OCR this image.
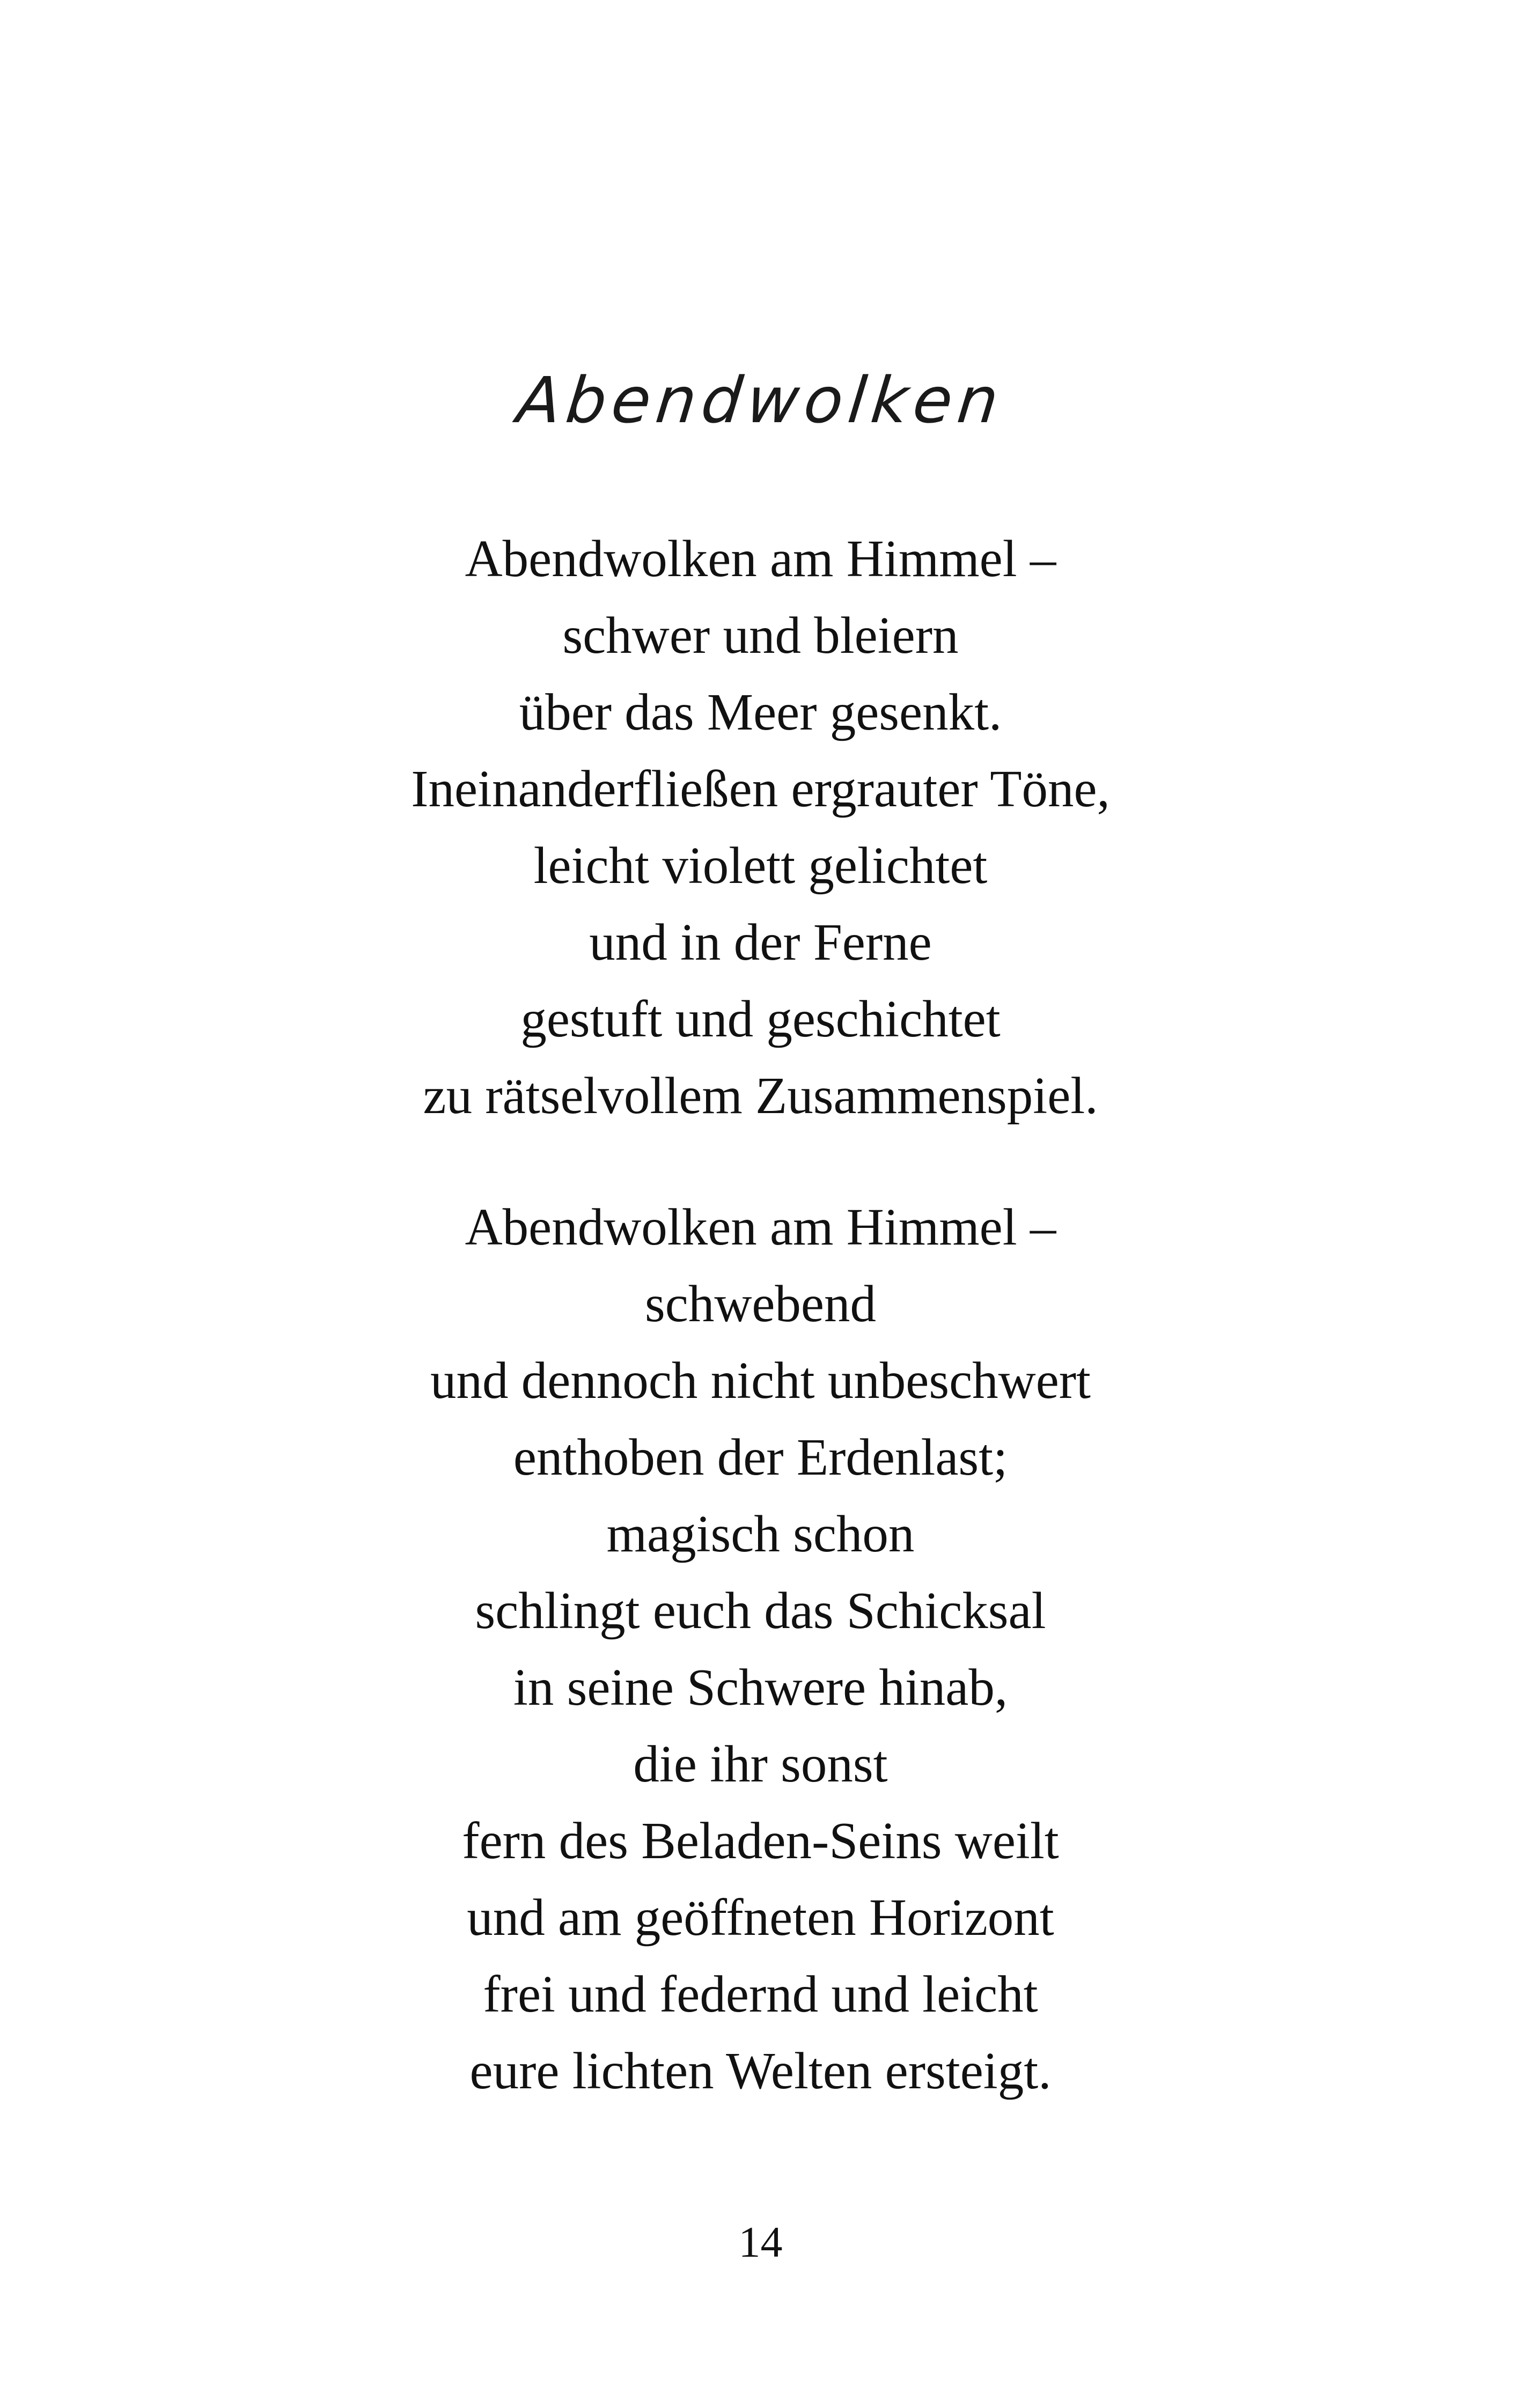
Abendwolken
Abendwolken am Himmel –
schwer und bleiern
über das Meer gesenkt.
Ineinanderfließen ergrauter Töne,
leicht violett gelichtet
und in der Ferne
gestuft und geschichtet
zu rätselvollem Zusammenspiel.
Abendwolken am Himmel –
schwebend
und dennoch nicht unbeschwert
enthoben der Erdenlast;
magisch schon
schlingt euch das Schicksal
in seine Schwere hinab,
die ihr sonst
fern des Beladen-Seins weilt
und am geöffneten Horizont
frei und federnd und leicht
eure lichten Welten ersteigt.
14
